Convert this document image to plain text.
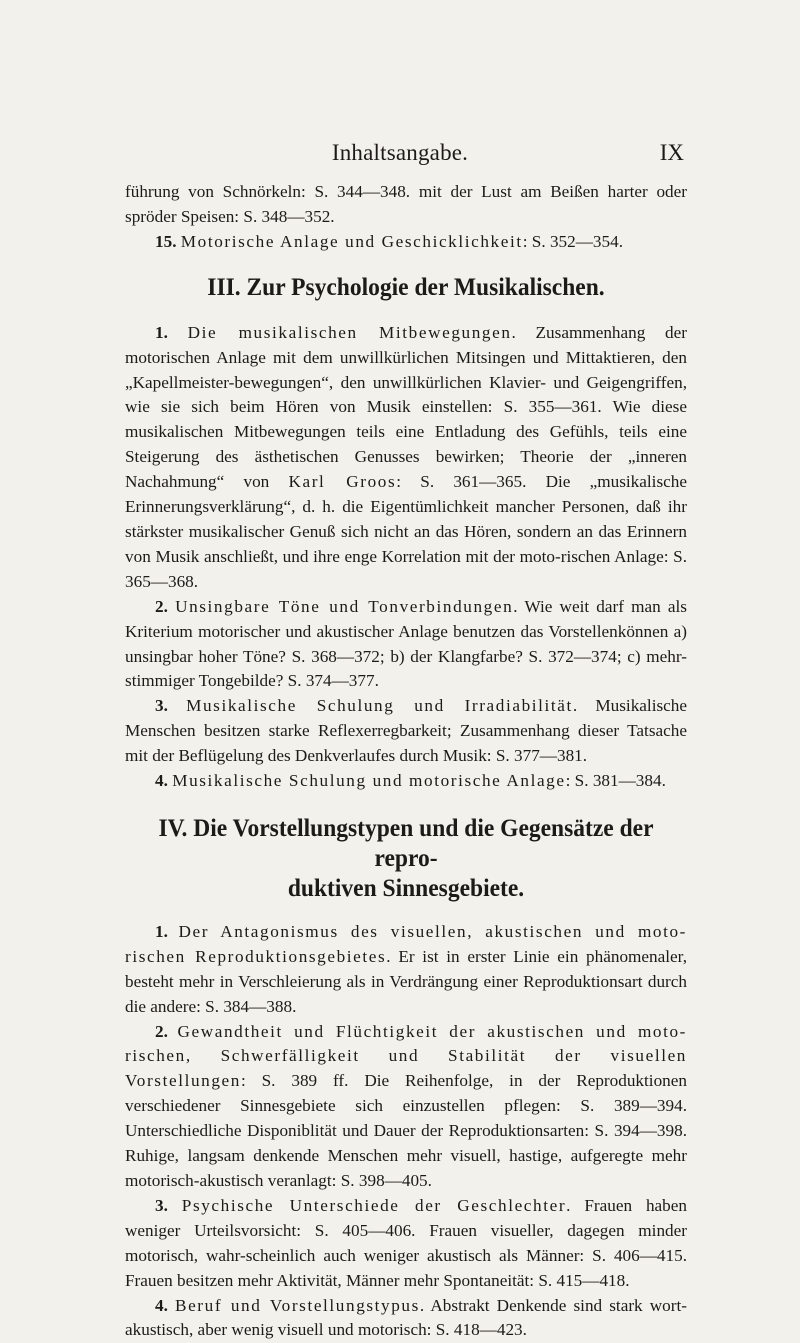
Inhaltsangabe.	IX

führung von Schnörkeln: S. 344—348. mit der Lust am Beißen harter oder spröder Speisen: S. 348—352.

15. Motorische Anlage und Geschicklichkeit: S. 352—354.

III. Zur Psychologie der Musikalischen.

1. Die musikalischen Mitbewegungen. Zusammenhang der motorischen Anlage mit dem unwillkürlichen Mitsingen und Mittaktieren, den „Kapellmeister-bewegungen“, den unwillkürlichen Klavier- und Geigengriffen, wie sie sich beim Hören von Musik einstellen: S. 355—361. Wie diese musikalischen Mitbewegungen teils eine Entladung des Gefühls, teils eine Steigerung des ästhetischen Genusses bewirken; Theorie der „inneren Nachahmung“ von Karl Groos: S. 361—365. Die „musikalische Erinnerungsverklärung“, d. h. die Eigentümlichkeit mancher Personen, daß ihr stärkster musikalischer Genuß sich nicht an das Hören, sondern an das Erinnern von Musik anschließt, und ihre enge Korrelation mit der moto-rischen Anlage: S. 365—368.

2. Unsingbare Töne und Tonverbindungen. Wie weit darf man als Kriterium motorischer und akustischer Anlage benutzen das Vorstellenkönnen a) unsingbar hoher Töne? S. 368—372; b) der Klangfarbe? S. 372—374; c) mehr-stimmiger Tongebilde? S. 374—377.

3. Musikalische Schulung und Irradiabilität. Musikalische Menschen besitzen starke Reflexerregbarkeit; Zusammenhang dieser Tatsache mit der Beflügelung des Denkverlaufes durch Musik: S. 377—381.

4. Musikalische Schulung und motorische Anlage: S. 381—384.

IV. Die Vorstellungstypen und die Gegensätze der repro-
duktiven Sinnesgebiete.

1. Der Antagonismus des visuellen, akustischen und moto-rischen Reproduktionsgebietes. Er ist in erster Linie ein phänomenaler, besteht mehr in Verschleierung als in Verdrängung einer Reproduktionsart durch die andere: S. 384—388.

2. Gewandtheit und Flüchtigkeit der akustischen und moto-rischen, Schwerfälligkeit und Stabilität der visuellen Vorstellungen: S. 389 ff. Die Reihenfolge, in der Reproduktionen verschiedener Sinnesgebiete sich einzustellen pflegen: S. 389—394. Unterschiedliche Disponiblität und Dauer der Reproduktionsarten: S. 394—398. Ruhige, langsam denkende Menschen mehr visuell, hastige, aufgeregte mehr motorisch-akustisch veranlagt: S. 398—405.

3. Psychische Unterschiede der Geschlechter. Frauen haben weniger Urteilsvorsicht: S. 405—406. Frauen visueller, dagegen minder motorisch, wahr-scheinlich auch weniger akustisch als Männer: S. 406—415. Frauen besitzen mehr Aktivität, Männer mehr Spontaneität: S. 415—418.

4. Beruf und Vorstellungstypus. Abstrakt Denkende sind stark wort-akustisch, aber wenig visuell und motorisch: S. 418—423.
